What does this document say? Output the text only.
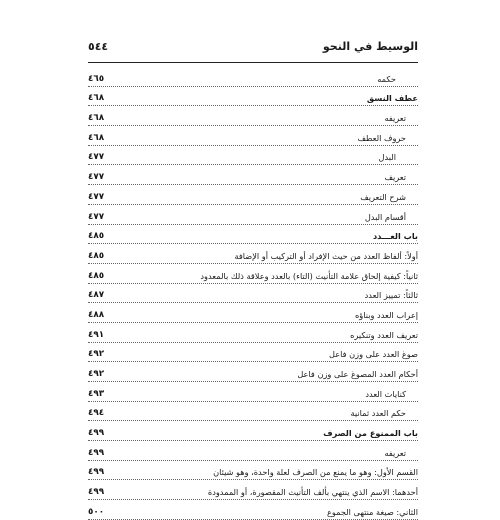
الوسيط في النحو
٥٤٤
حكمه
٤٦٥
عطف النسق
٤٦٨
تعريفه
٤٦٨
حروف العطف
٤٦٨
البدل
٤٧٧
تعريف
٤٧٧
شرح التعريف
٤٧٧
أقسام البدل
٤٧٧
باب العـــدد
٤٨٥
أولاً: ألفاظ العدد من حيث الإفراد أو التركيب أو الإضافة
٤٨٥
ثانياً: كيفية إلحاق علامة التأنيث (التاء) بالعدد وعلاقة ذلك بالمعدود
٤٨٥
ثالثاً: تمييز العدد
٤٨٧
إعراب العدد وبناؤه
٤٨٨
تعريف العدد وتنكيره
٤٩١
صوغ العدد على وزن فاعل
٤٩٢
أحكام العدد المصوغ على وزن فاعل
٤٩٢
كنايات العدد
٤٩٣
حكم العدد ثمانية
٤٩٤
باب الممنوع من الصرف
٤٩٩
تعريفه
٤٩٩
القسم الأول: وهو ما يمنع من الصرف لعلة واحدة، وهو شيئان
٤٩٩
أحدهما: الاسم الذي ينتهي بألف التأنيث المقصورة، أو الممدودة
٤٩٩
الثاني: صيغة منتهى الجموع
٥٠٠
